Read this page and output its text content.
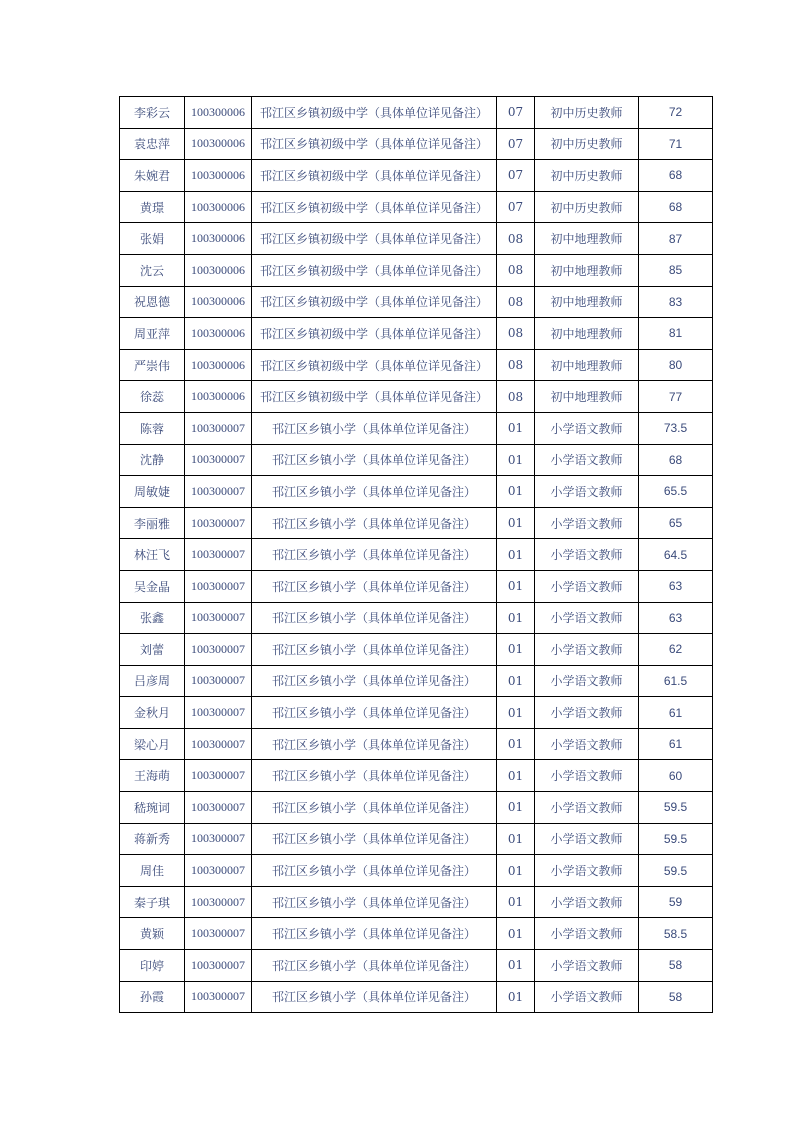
李彩云	100300006	邗江区乡镇初级中学（具体单位详见备注）	07	初中历史教师	72
袁忠萍	100300006	邗江区乡镇初级中学（具体单位详见备注）	07	初中历史教师	71
朱婉君	100300006	邗江区乡镇初级中学（具体单位详见备注）	07	初中历史教师	68
黄璟	100300006	邗江区乡镇初级中学（具体单位详见备注）	07	初中历史教师	68
张娟	100300006	邗江区乡镇初级中学（具体单位详见备注）	08	初中地理教师	87
沈云	100300006	邗江区乡镇初级中学（具体单位详见备注）	08	初中地理教师	85
祝恩德	100300006	邗江区乡镇初级中学（具体单位详见备注）	08	初中地理教师	83
周亚萍	100300006	邗江区乡镇初级中学（具体单位详见备注）	08	初中地理教师	81
严崇伟	100300006	邗江区乡镇初级中学（具体单位详见备注）	08	初中地理教师	80
徐蕊	100300006	邗江区乡镇初级中学（具体单位详见备注）	08	初中地理教师	77
陈蓉	100300007	邗江区乡镇小学（具体单位详见备注）	01	小学语文教师	73.5
沈静	100300007	邗江区乡镇小学（具体单位详见备注）	01	小学语文教师	68
周敏婕	100300007	邗江区乡镇小学（具体单位详见备注）	01	小学语文教师	65.5
李丽雅	100300007	邗江区乡镇小学（具体单位详见备注）	01	小学语文教师	65
林汪飞	100300007	邗江区乡镇小学（具体单位详见备注）	01	小学语文教师	64.5
吴金晶	100300007	邗江区乡镇小学（具体单位详见备注）	01	小学语文教师	63
张鑫	100300007	邗江区乡镇小学（具体单位详见备注）	01	小学语文教师	63
刘蕾	100300007	邗江区乡镇小学（具体单位详见备注）	01	小学语文教师	62
吕彦周	100300007	邗江区乡镇小学（具体单位详见备注）	01	小学语文教师	61.5
金秋月	100300007	邗江区乡镇小学（具体单位详见备注）	01	小学语文教师	61
梁心月	100300007	邗江区乡镇小学（具体单位详见备注）	01	小学语文教师	61
王海萌	100300007	邗江区乡镇小学（具体单位详见备注）	01	小学语文教师	60
嵇琬词	100300007	邗江区乡镇小学（具体单位详见备注）	01	小学语文教师	59.5
蒋新秀	100300007	邗江区乡镇小学（具体单位详见备注）	01	小学语文教师	59.5
周佳	100300007	邗江区乡镇小学（具体单位详见备注）	01	小学语文教师	59.5
秦子琪	100300007	邗江区乡镇小学（具体单位详见备注）	01	小学语文教师	59
黄颖	100300007	邗江区乡镇小学（具体单位详见备注）	01	小学语文教师	58.5
印婷	100300007	邗江区乡镇小学（具体单位详见备注）	01	小学语文教师	58
孙霞	100300007	邗江区乡镇小学（具体单位详见备注）	01	小学语文教师	58
